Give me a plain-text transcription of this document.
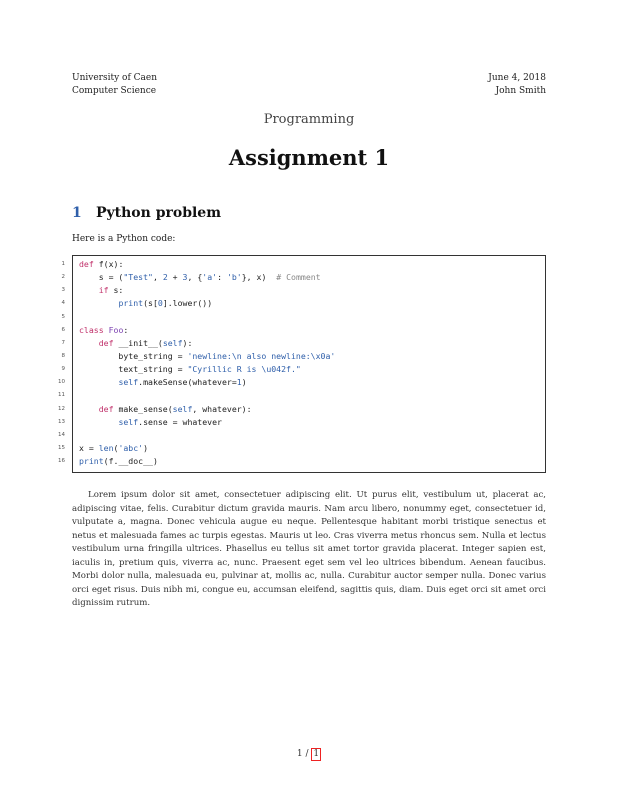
University of Caen
Computer Science
June 4, 2018
John Smith
Programming
Assignment 1
1 Python problem
Here is a Python code:
1
2
3
4
5
6
7
8
9
10
11
12
13
14
15
16
def f(x):
s = ("Test", 2 + 3, {'a': 'b'}, x)  # Comment
if s:
print(s[0].lower())

class Foo:
def __init__(self):
byte_string = 'newline:\n also newline:\x0a'
text_string = "Cyrillic R is \u042f."
self.makeSense(whatever=1)

def make_sense(self, whatever):
self.sense = whatever

x = len('abc')
print(f.__doc__)
Lorem ipsum dolor sit amet, consectetuer adipiscing elit. Ut purus elit, vestibulum ut, placerat ac, adipiscing vitae, felis. Curabitur dictum gravida mauris. Nam arcu libero, nonummy eget, consectetuer id, vulputate a, magna. Donec vehicula augue eu neque. Pellentesque habitant morbi tristique senectus et netus et malesuada fames ac turpis egestas. Mauris ut leo. Cras viverra metus rhoncus sem. Nulla et lectus vestibulum urna fringilla ultrices. Phasellus eu tellus sit amet tortor gravida placerat. Integer sapien est, iaculis in, pretium quis, viverra ac, nunc. Praesent eget sem vel leo ultrices bibendum. Aenean faucibus. Morbi dolor nulla, malesuada eu, pulvinar at, mollis ac, nulla. Curabitur auctor semper nulla. Donec varius orci eget risus. Duis nibh mi, congue eu, accumsan eleifend, sagittis quis, diam. Duis eget orci sit amet orci dignissim rutrum.
1 / 1
